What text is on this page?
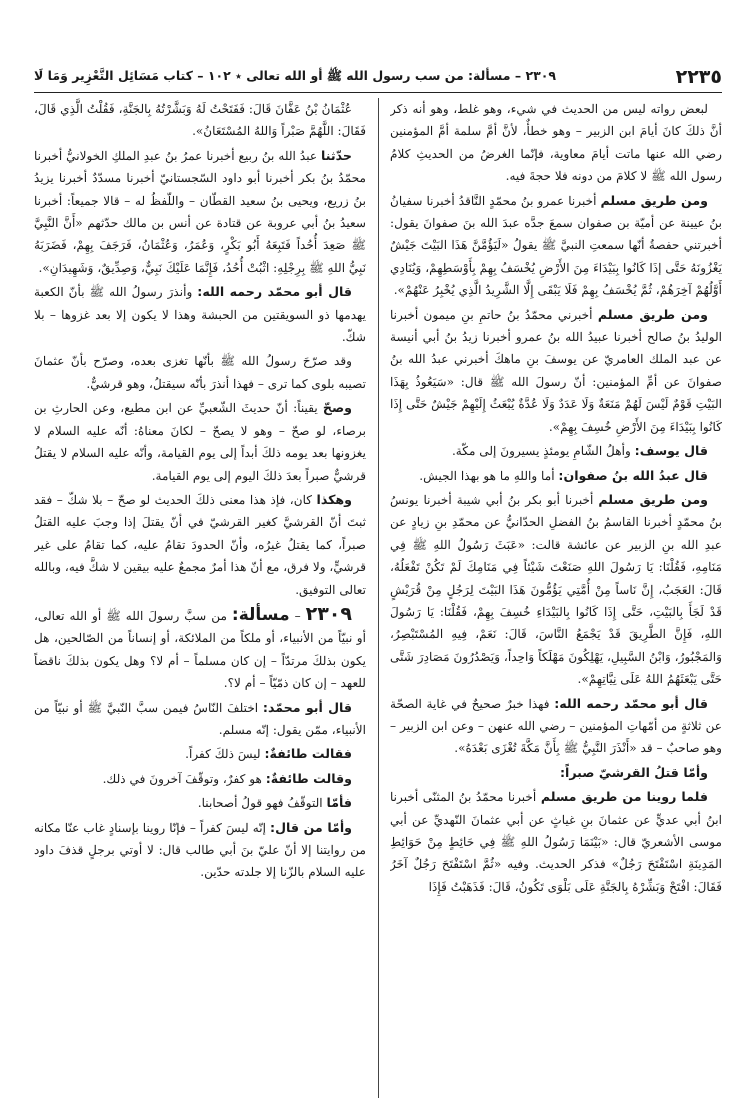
٢٢٣٥
٢٣٠٩ – مسألة: من سب رسول الله ﷺ أو الله تعالى ٭ ١٠٢ – كتاب مَسَائِل التَّعْزِير وَمَا لَا

لبعض رواته ليس من الحديث في شيء، وهو غلط، وهو أنه ذكر أنَّ ذلكَ كانَ أيامَ ابن الزبير – وهو خطأٌ، لأنَّ أمَّ سلمة أمَّ المؤمنين رضي الله عنها ماتت أيامَ معاوية، فإنّما الغرضُ من الحديثِ كلامُ رسول الله ﷺ لا كلامَ من دونه فلا حجةَ فيه.

ومن طريق مسلم أخبرنا عمرو بنُ محمّدٍ النَّاقدُ أخبرنا سفيانُ بنُ عيينة عن أميّة بن صفوان سمعَ جدَّه عبدَ الله بنَ صفوانَ يقول: أخبرتني حفصةُ أنّها سمعتِ النبيَّ ﷺ يقولُ «لَيَؤُمَّنَّ هَذَا البَيْتَ جَيْشٌ يَغْزُونَهُ حَتَّى إذَا كَانُوا بِبَيْدَاءَ مِنَ الأَرْضِ يُخْسَفُ بِهِمْ بِأَوْسَطِهِمْ، وَيُنَادِي أَوَّلُهُمْ آخِرَهُمْ، ثُمَّ يُخْسَفُ بِهِمْ فَلَا يَبْقَى إِلَّا الشَّرِيدُ الَّذِي يُخْبِرُ عَنْهُمْ».

ومن طريق مسلم أخبرني محمّدُ بنُ حاتمِ بنِ ميمون أخبرنا الوليدُ بنُ صالح أخبرنا عبيدُ الله بنُ عمرو أخبرنا زيدُ بنُ أبي أنيسة عن عبد الملك العامريّ عن يوسفَ بنِ ماهكَ أخبرني عبدُ الله بنُ صفوانَ عن أمِّ المؤمنين: أنّ رسولَ الله ﷺ قال: «سَيَعُوذُ بِهَذَا البَيْتِ قَوْمٌ لَيْسَ لَهُمْ مَنَعَةٌ وَلَا عَدَدٌ وَلَا عُدَّةٌ يُبْعَثُ إِلَيْهِمْ جَيْشٌ حَتَّى إِذَا كَانُوا بِبَيْدَاءَ مِنَ الأَرْضِ خُسِفَ بِهِمْ».

قال يوسف: وأهلُ الشّامِ يومئذٍ يسيرونَ إلى مكّة.

قال عبدُ الله بنُ صفوان: أما واللهِ ما هو بهذا الجيش.

ومن طريق مسلم أخبرنا أبو بكر بنُ أبي شيبة أخبرنا يونسُ بنُ محمّدٍ أخبرنا القاسمُ بنُ الفضلِ الحدّانيُّ عن محمّدِ بنِ زيادٍ عن عبدِ الله بنِ الزبير عن عائشة قالت: «عَبَثَ رَسُولُ اللهِ ﷺ فِي مَنَامِهِ، فَقُلْنَا: يَا رَسُولَ اللهِ صَنَعْتَ شَيْئاً فِي مَنَامِكَ لَمْ تَكُنْ تَفْعَلُهُ، قَالَ: العَجَبُ، إِنَّ نَاساً مِنْ أُمَّتِي يَؤُمُّونَ هَذَا البَيْتَ لِرَجُلٍ مِنْ قُرَيْشٍ قَدْ لَجَأَ بِالبَيْتِ، حَتَّى إِذَا كَانُوا بِالبَيْدَاءِ خُسِفَ بِهِمْ، فَقُلْنَا: يَا رَسُولَ اللهِ، فَإِنَّ الطَّرِيقَ قَدْ يَجْمَعُ النَّاسَ، قَالَ: نَعَمْ، فِيهِ المُسْتَبْصِرُ، وَالمَجْبُورُ، وَابْنُ السَّبِيلِ، يَهْلِكُونَ مَهْلَكاً وَاحِداً، وَيَصْدُرُونَ مَصَادِرَ شَتَّى حَتَّى يَبْعَثَهُمُ اللهُ عَلَى نِيَّاتِهِمْ».

قال أبو محمّد رحمه الله: فهذا خبرٌ صحيحٌ في غاية الصحّة عن ثلاثةٍ من أمّهاتِ المؤمنين – رضي الله عنهن – وعن ابن الزبير – وهو صاحبٌ – قد «أَنْذَرَ النَّبِيُّ ﷺ بِأَنَّ مَكَّةَ تُغْزَى بَعْدَهُ».

وأمّا قتلُ القرشيّ صبراً:

فلما روينا من طريق مسلم أخبرنا محمّدُ بنُ المثنّى أخبرنا ابنُ أبي عديٍّ عن عثمانَ بنِ غياثٍ عن أبي عثمانَ النّهديِّ عن أبي موسى الأشعريّ قال: «بَيْنَمَا رَسُولُ اللهِ ﷺ فِي حَائِطٍ مِنْ حَوَائِطِ المَدِينَةِ اسْتَفْتَحَ رَجُلٌ» فذكر الحديث. وفيه «ثُمَّ اسْتَفْتَحَ رَجُلٌ آخَرُ فَقَالَ: افْتَحْ وَبَشِّرْهُ بِالجَنَّةِ عَلَى بَلْوَى تَكُونُ، قَالَ: فَذَهَبْتُ فَإِذَا

عُثْمَانُ بْنُ عَفَّانَ قَالَ: فَفَتَحْتُ لَهُ وَبَشَّرْتُهُ بِالجَنَّةِ، فَقُلْتُ الَّذِي قَالَ، فَقَالَ: اللَّهُمَّ صَبْراً وَاللهُ المُسْتَعَانُ».

حدّثنا عبدُ الله بنُ ربيع أخبرنا عمرُ بنُ عبدِ الملكِ الخولانيُّ أخبرنا محمّدُ بنُ بكر أخبرنا أبو داود السّجستانيّ أخبرنا مسدّدٌ أخبرنا يزيدُ بنُ زريع، ويحيى بنُ سعيد القطّان – واللّفظُ له – قالا جميعاً: أخبرنا سعيدُ بنُ أبي عروبة عن قتادة عن أنس بن مالك حدّثهم «أَنَّ النَّبِيَّ ﷺ صَعِدَ أُحُداً فَتَبِعَهُ أَبُو بَكْرٍ، وَعُمَرُ، وَعُثْمَانُ، فَرَجَفَ بِهِمْ، فَضَرَبَهُ نَبِيُّ اللهِ ﷺ بِرِجْلِهِ: اثْبُتْ أُحُدُ، فَإِنَّمَا عَلَيْكَ نَبِيٌّ، وَصِدِّيقٌ، وَشَهِيدَانِ».

قال أبو محمّد رحمه الله: وأنذرَ رسولُ الله ﷺ بأنّ الكعبة يهدمها ذو السويقتين من الحبشة وهذا لا يكون إلا بعد غزوها – بلا شكّ.

وقد صرّحَ رسولُ الله ﷺ بأنّها تغزى بعده، وصرّح بأنّ عثمانَ تصيبه بلوى كما ترى – فهذا أنذرَ بأنّه سيقتلُ، وهو قرشيٌّ.

وصحّ يقيناً: أنّ حديثَ الشّعبيِّ عن ابن مطيع، وعن الحارثِ بن برصاء، لو صحّ – وهو لا يصحّ – لكانَ معناهُ: أنّه عليه السلام لا يغزونها بعد يومه ذلكَ أبداً إلى يوم القيامة، وأنّه عليه السلام لا يقتلُ قرشيٌّ صبراً بعدَ ذلكَ اليوم إلى يوم القيامة.

وهكذا كان، فإذ هذا معنى ذلكَ الحديث لو صحّ – بلا شكّ – فقد ثبتَ أنّ القرشيَّ كغير القرشيّ في أنّ يقتلَ إذا وجبَ عليه القتلُ صبراً، كما يقتلُ غيرُه، وأنّ الحدودَ تقامُ عليه، كما تقامُ على غير قرشيٍّ، ولا فرق، مع أنّ هذا أمرٌ مجمعٌ عليه بيقين لا شكَّ فيه، وبالله تعالى التوفيق.

٢٣٠٩ – مسألة: من سبَّ رسولَ الله ﷺ أو الله تعالى، أو نبيّاً من الأنبياء، أو ملكاً من الملائكة، أو إنساناً من الصّالحين، هل يكون بذلكَ مرتدّاً – إن كان مسلماً – أم لا؟ وهل يكون بذلكَ ناقضاً للعهد – إن كان ذمّيّاً – أم لا؟.

قال أبو محمّد: اختلفَ النّاسُ فيمن سبَّ النّبيَّ ﷺ أو نبيّاً من الأنبياء، ممّن يقول: إنّه مسلم.

فقالت طائفةٌ: ليسَ ذلكَ كفراً.

وقالت طائفةٌ: هو كفرٌ، وتوقّفَ آخرونَ في ذلك.

فأمّا التوقّفُ فهو قولُ أصحابنا.

وأمّا من قال: إنّه ليسَ كفراً – فإنّا روينا بإسنادٍ غاب عنّا مكانه من روايتنا إلا أنّ عليّ بنَ أبي طالب قال: لا أوتي برجلٍ قذفَ داود عليه السلام بالزّنا إلا جلدته حدّين.
